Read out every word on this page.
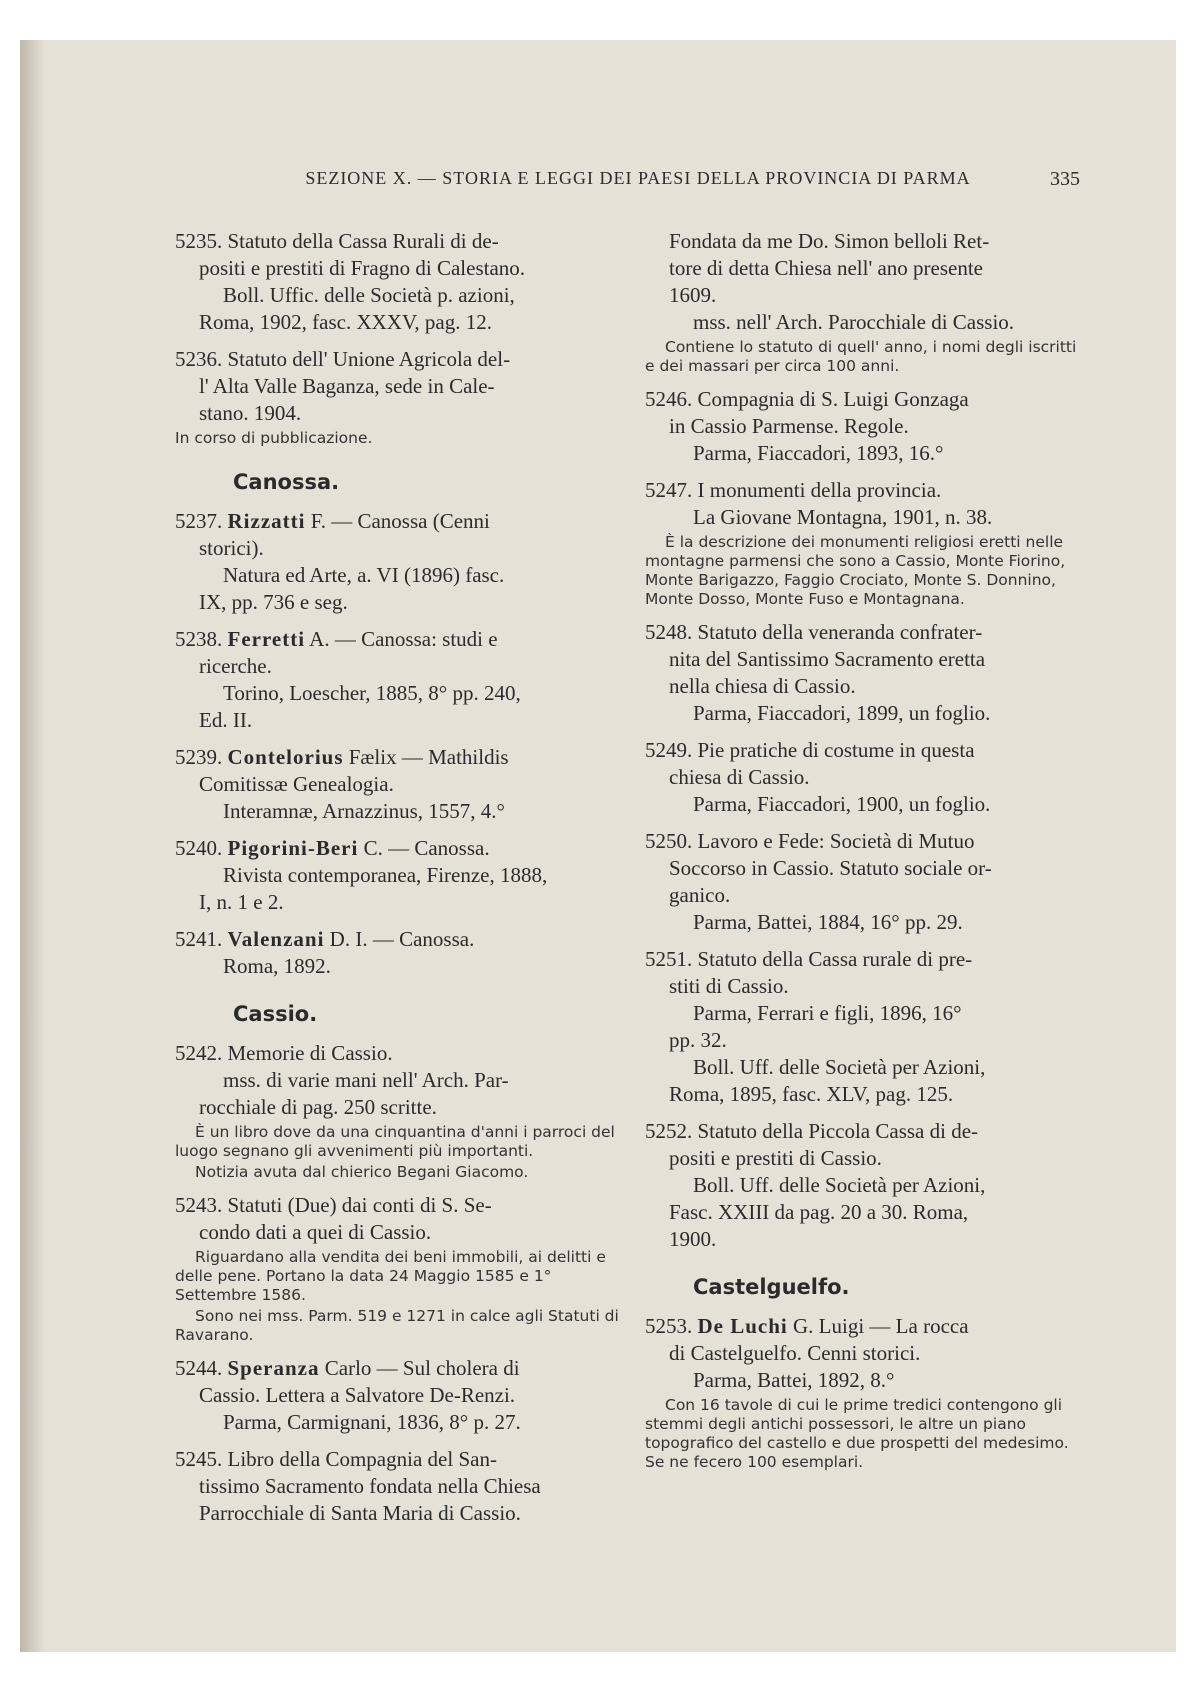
SEZIONE X. — STORIA E LEGGI DEI PAESI DELLA PROVINCIA DI PARMA	335

5235. Statuto della Cassa Rurali di de-

positi e prestiti di Fragno di Calestano.

Boll. Uffic. delle Società p. azioni,

Roma, 1902, fasc. XXXV, pag. 12.

5236. Statuto dell' Unione Agricola del-

l' Alta Valle Baganza, sede in Cale-

stano. 1904.

In corso di pubblicazione.

Canossa.

5237. Rizzatti F. — Canossa (Cenni

storici).

Natura ed Arte, a. VI (1896) fasc.

IX, pp. 736 e seg.

5238. Ferretti A. — Canossa: studi e

ricerche.

Torino, Loescher, 1885, 8° pp. 240,

Ed. II.

5239. Contelorius Fælix — Mathildis

Comitissæ Genealogia.

Interamnæ, Arnazzinus, 1557, 4.°

5240. Pigorini-Beri C. — Canossa.

Rivista contemporanea, Firenze, 1888,

I, n. 1 e 2.

5241. Valenzani D. I. — Canossa.

Roma, 1892.

Cassio.

5242. Memorie di Cassio.

mss. di varie mani nell' Arch. Par-

rocchiale di pag. 250 scritte.

È un libro dove da una cinquantina d'anni i parroci del luogo segnano gli avvenimenti più importanti.

Notizia avuta dal chierico Begani Giacomo.

5243. Statuti (Due) dai conti di S. Se-

condo dati a quei di Cassio.

Riguardano alla vendita dei beni immobili, ai delitti e delle pene. Portano la data 24 Maggio 1585 e 1° Settembre 1586.

Sono nei mss. Parm. 519 e 1271 in calce agli Statuti di Ravarano.

5244. Speranza Carlo — Sul cholera di

Cassio. Lettera a Salvatore De-Renzi.

Parma, Carmignani, 1836, 8° p. 27.

5245. Libro della Compagnia del San-

tissimo Sacramento fondata nella Chiesa

Parrocchiale di Santa Maria di Cassio.

Fondata da me Do. Simon belloli Ret-

tore di detta Chiesa nell' ano presente

1609.

mss. nell' Arch. Parocchiale di Cassio.

Contiene lo statuto di quell' anno, i nomi degli iscritti e dei massari per circa 100 anni.

5246. Compagnia di S. Luigi Gonzaga

in Cassio Parmense. Regole.

Parma, Fiaccadori, 1893, 16.°

5247. I monumenti della provincia.

La Giovane Montagna, 1901, n. 38.

È la descrizione dei monumenti religiosi eretti nelle montagne parmensi che sono a Cassio, Monte Fiorino, Monte Barigazzo, Faggio Crociato, Monte S. Donnino, Monte Dosso, Monte Fuso e Montagnana.

5248. Statuto della veneranda confrater-

nita del Santissimo Sacramento eretta

nella chiesa di Cassio.

Parma, Fiaccadori, 1899, un foglio.

5249. Pie pratiche di costume in questa

chiesa di Cassio.

Parma, Fiaccadori, 1900, un foglio.

5250. Lavoro e Fede: Società di Mutuo

Soccorso in Cassio. Statuto sociale or-

ganico.

Parma, Battei, 1884, 16° pp. 29.

5251. Statuto della Cassa rurale di pre-

stiti di Cassio.

Parma, Ferrari e figli, 1896, 16°

pp. 32.

Boll. Uff. delle Società per Azioni,

Roma, 1895, fasc. XLV, pag. 125.

5252. Statuto della Piccola Cassa di de-

positi e prestiti di Cassio.

Boll. Uff. delle Società per Azioni,

Fasc. XXIII da pag. 20 a 30. Roma,

1900.

Castelguelfo.

5253. De Luchi G. Luigi — La rocca

di Castelguelfo. Cenni storici.

Parma, Battei, 1892, 8.°

Con 16 tavole di cui le prime tredici contengono gli stemmi degli antichi possessori, le altre un piano topografico del castello e due prospetti del medesimo. Se ne fecero 100 esemplari.
